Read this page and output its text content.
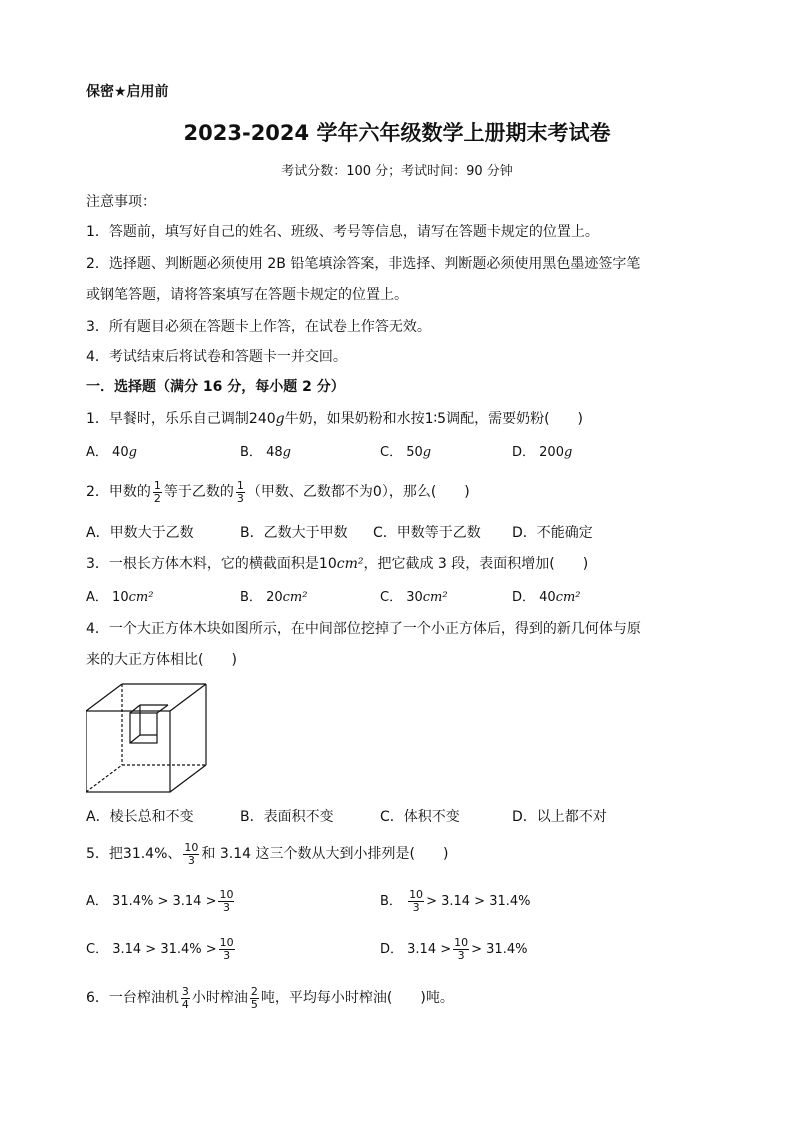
保密★启用前
2023-2024 学年六年级数学上册期末考试卷
考试分数：100 分；考试时间：90 分钟
注意事项：
1．答题前，填写好自己的姓名、班级、考号等信息，请写在答题卡规定的位置上。
2．选择题、判断题必须使用 2B 铅笔填涂答案，非选择、判断题必须使用黑色墨迹签字笔
或钢笔答题，请将答案填写在答题卡规定的位置上。
3．所有题目必须在答题卡上作答，在试卷上作答无效。
4．考试结束后将试卷和答题卡一并交回。
一．选择题（满分 16 分，每小题 2 分）
1．早餐时，乐乐自己调制240g牛奶，如果奶粉和水按1∶5调配，需要奶粉(　　)
A． 40g	B． 48g	C． 50g	D． 200g
2．甲数的 $\frac{1}{2}$ 等于乙数的 $\frac{1}{3}$ （甲数、乙数都不为0），那么(　　)
A．甲数大于乙数	B．乙数大于甲数 C．甲数等于乙数 D．不能确定
3．一根长方体木料，它的横截面积是10cm²，把它截成 3 段，表面积增加(　　)
A． 10cm²	B． 20cm²	C． 30cm²	D． 40cm²
4．一个大正方体木块如图所示，在中间部位挖掉了一个小正方体后，得到的新几何体与原
来的大正方体相比(　　)
A．棱长总和不变	B．表面积不变	C．体积不变	D．以上都不对
5．把31.4%、 $\frac{10}{3}$ 和 3.14 这三个数从大到小排列是(　　)
A． $31.4\% > 3.14 > \frac{10}{3}$	B． $\frac{10}{3} > 3.14 > 31.4\%$
C． $3.14 > 31.4\% > \frac{10}{3}$	D． $3.14 > \frac{10}{3} > 31.4\%$
6．一台榨油机 $\frac{3}{4}$ 小时榨油 $\frac{2}{5}$ 吨，平均每小时榨油(　　)吨。
